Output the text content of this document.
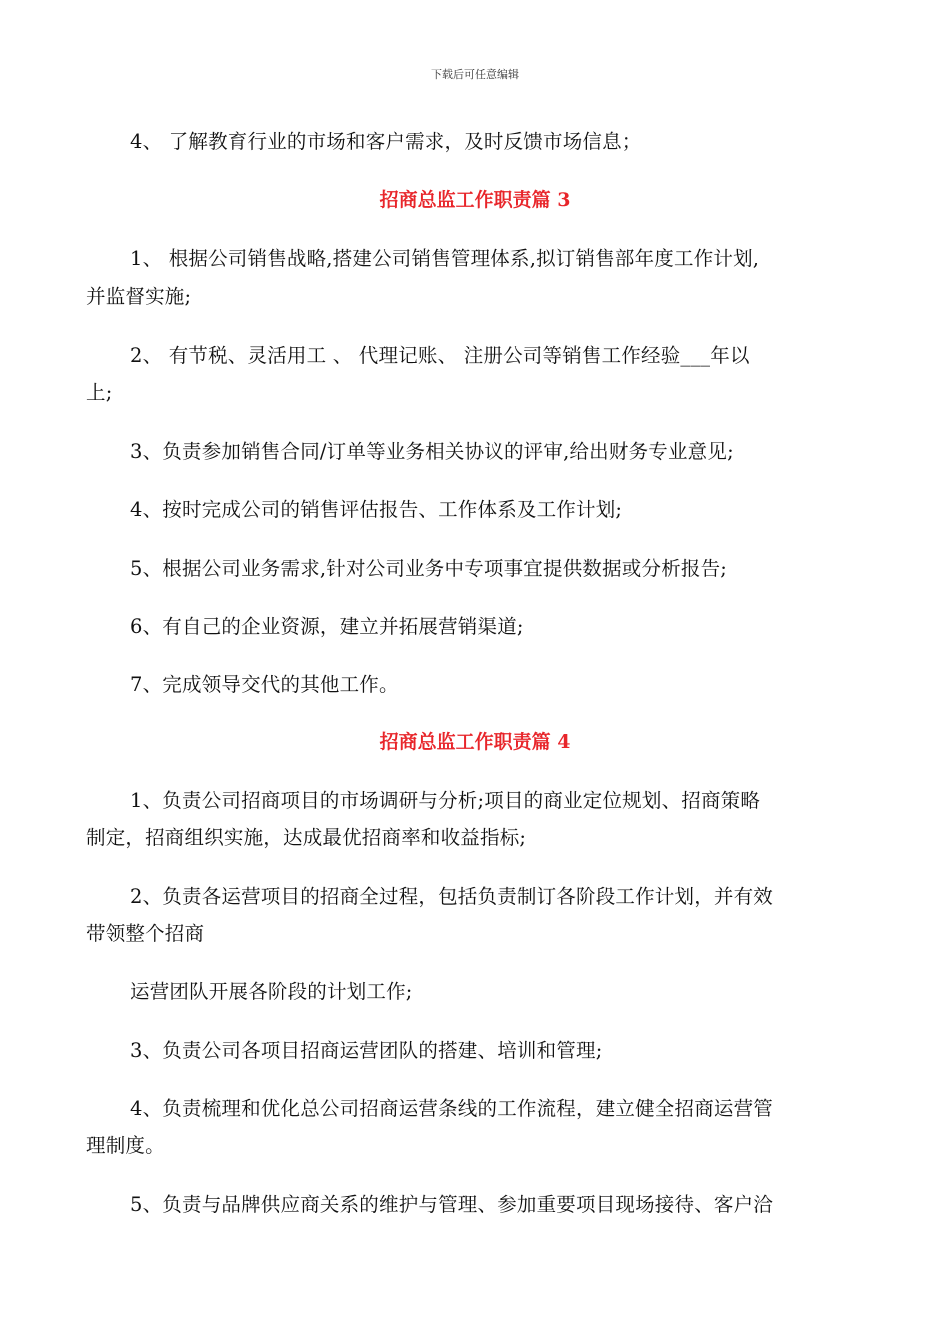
下载后可任意编辑
4、 了解教育行业的市场和客户需求，及时反馈市场信息；
招商总监工作职责篇 3
1、 根据公司销售战略,搭建公司销售管理体系,拟订销售部年度工作计划,
并监督实施;
2、 有节税、灵活用工 、 代理记账、 注册公司等销售工作经验___年以
上;
3、负责参加销售合同/订单等业务相关协议的评审,给出财务专业意见;
4、按时完成公司的销售评估报告、工作体系及工作计划;
5、根据公司业务需求,针对公司业务中专项事宜提供数据或分析报告;
6、有自己的企业资源，建立并拓展营销渠道;
7、完成领导交代的其他工作。
招商总监工作职责篇 4
1、负责公司招商项目的市场调研与分析;项目的商业定位规划、招商策略
制定，招商组织实施，达成最优招商率和收益指标;
2、负责各运营项目的招商全过程，包括负责制订各阶段工作计划，并有效
带领整个招商
运营团队开展各阶段的计划工作;
3、负责公司各项目招商运营团队的搭建、培训和管理;
4、负责梳理和优化总公司招商运营条线的工作流程，建立健全招商运营管
理制度。
5、负责与品牌供应商关系的维护与管理、参加重要项目现场接待、客户洽
